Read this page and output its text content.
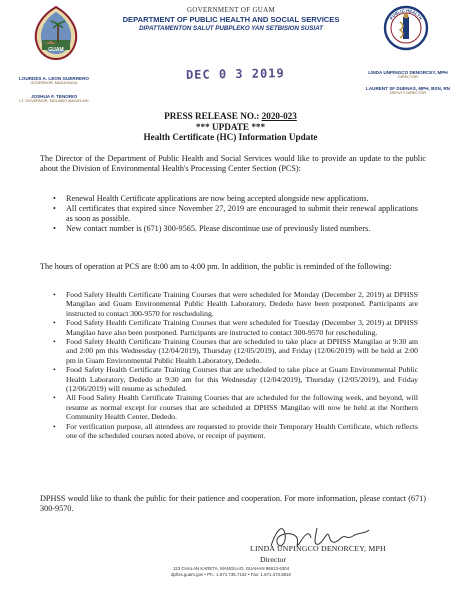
GOVERNMENT OF GUAM
DEPARTMENT OF PUBLIC HEALTH AND SOCIAL SERVICES
DIPATTAMENTON SALUT PUBPLEKO YAN SETBISION SUSIAT
GUAM
PUBLIC HEALTH
LOURDES A. LEON GUERRERO
GOVERNOR, MAGA'HAGA
JOSHUA F. TENORIO
LT. GOVERNOR, SIGUNDO MAGA'LAHI
LINDA UNPINGCO DENORCEY, MPH
DIRECTOR
LAURENT SF DUENAS, MPH, BSN, RN
DEPUTY DIRECTOR
DEC 0 3 2019
PRESS RELEASE NO.: 2020-023
*** UPDATE ***
Health Certificate (HC) Information Update

The Director of the Department of Public Health and Social Services would like to provide an update to the public about the Division of Environmental Health's Processing Center Section (PCS):

• Renewal Health Certificate applications are now being accepted alongside new applications.
• All certificates that expired since November 27, 2019 are encouraged to submit their renewal applications as soon as possible.
• New contact number is (671) 300-9565. Please discontinue use of previously listed numbers.

The hours of operation at PCS are 8:00 am to 4:00 pm. In addition, the public is reminded of the following:

• Food Safety Health Certificate Training Courses that were scheduled for Monday (December 2, 2019) at DPHSS Mangilao and Guam Environmental Public Health Laboratory, Dededo have been postponed. Participants are instructed to contact 300-9570 for rescheduling.
• Food Safety Health Certificate Training Courses that were scheduled for Tuesday (December 3, 2019) at DPHSS Mangilao have also been postponed. Participants are instructed to contact 300-9570 for rescheduling.
• Food Safety Health Certificate Training Courses that are scheduled to take place at DPHSS Mangilao at 9:30 am and 2:00 pm this Wednesday (12/04/2019), Thursday (12/05/2019), and Friday (12/06/2019) will be held at 2:00 pm in Guam Environmental Public Health Laboratory, Dededo.
• Food Safety Health Certificate Training Courses that are scheduled to take place at Guam Environmental Public Health Laboratory, Dededo at 9:30 am for this Wednesday (12/04/2019), Thursday (12/05/2019), and Friday (12/06/2019) will resume as scheduled.
• All Food Safety Health Certificate Training Courses that are scheduled for the following week, and beyond, will resume as normal except for courses that are scheduled at DPHSS Mangilao will now be held at the Northern Community Health Center, Dededo.
• For verification purpose, all attendees are requested to provide their Temporary Health Certificate, which reflects one of the scheduled courses noted above, or receipt of payment.

DPHSS would like to thank the public for their patience and cooperation. For more information, please contact (671) 300-9570.

LINDA UNPINGCO DENORCEY, MPH
Director
123 CHALAN KARETA, MANGILAO, GUAHAN 96913-6304
dphss.guam.gov • Ph.: 1.671.735.7102 • Fax: 1.671.473.5910
